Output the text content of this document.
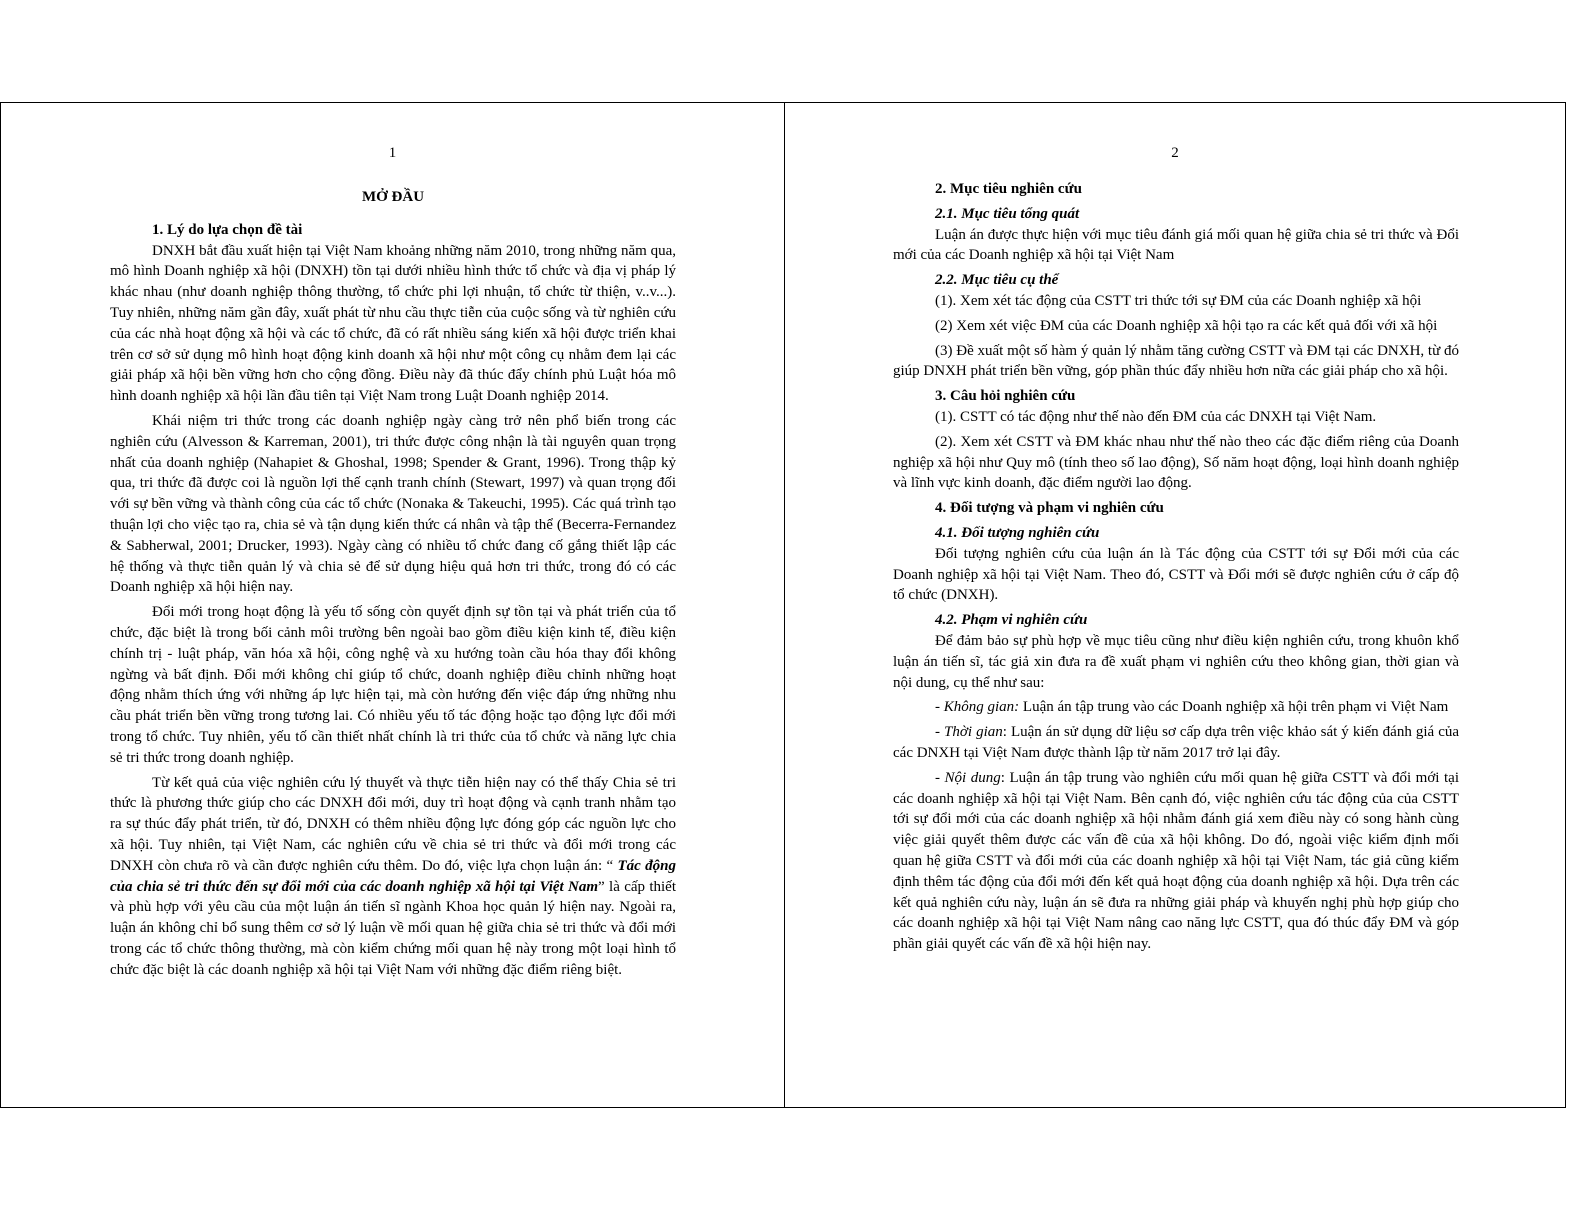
1
MỞ ĐẦU
1. Lý do lựa chọn đề tài

DNXH bắt đầu xuất hiện tại Việt Nam khoảng những năm 2010, trong những năm qua, mô hình Doanh nghiệp xã hội (DNXH) tồn tại dưới nhiều hình thức tổ chức và địa vị pháp lý khác nhau (như doanh nghiệp thông thường, tổ chức phi lợi nhuận, tổ chức từ thiện, v..v...). Tuy nhiên, những năm gần đây, xuất phát từ nhu cầu thực tiễn của cuộc sống và từ nghiên cứu của các nhà hoạt động xã hội và các tổ chức, đã có rất nhiều sáng kiến xã hội được triển khai trên cơ sở sử dụng mô hình hoạt động kinh doanh xã hội như một công cụ nhằm đem lại các giải pháp xã hội bền vững hơn cho cộng đồng. Điều này đã thúc đẩy chính phủ Luật hóa mô hình doanh nghiệp xã hội lần đầu tiên tại Việt Nam trong Luật Doanh nghiệp 2014.

Khái niệm tri thức trong các doanh nghiệp ngày càng trở nên phổ biến trong các nghiên cứu (Alvesson & Karreman, 2001), tri thức được công nhận là tài nguyên quan trọng nhất của doanh nghiệp (Nahapiet & Ghoshal, 1998; Spender & Grant, 1996). Trong thập kỷ qua, tri thức đã được coi là nguồn lợi thế cạnh tranh chính (Stewart, 1997) và quan trọng đối với sự bền vững và thành công của các tổ chức (Nonaka & Takeuchi, 1995). Các quá trình tạo thuận lợi cho việc tạo ra, chia sẻ và tận dụng kiến thức cá nhân và tập thể (Becerra-Fernandez & Sabherwal, 2001; Drucker, 1993). Ngày càng có nhiều tổ chức đang cố gắng thiết lập các hệ thống và thực tiễn quản lý và chia sẻ để sử dụng hiệu quả hơn tri thức, trong đó có các Doanh nghiệp xã hội hiện nay.

Đổi mới trong hoạt động là yếu tố sống còn quyết định sự tồn tại và phát triển của tổ chức, đặc biệt là trong bối cảnh môi trường bên ngoài bao gồm điều kiện kinh tế, điều kiện chính trị - luật pháp, văn hóa xã hội, công nghệ và xu hướng toàn cầu hóa thay đổi không ngừng và bất định. Đổi mới không chỉ giúp tổ chức, doanh nghiệp điều chỉnh những hoạt động nhằm thích ứng với những áp lực hiện tại, mà còn hướng đến việc đáp ứng những nhu cầu phát triển bền vững trong tương lai. Có nhiều yếu tố tác động hoặc tạo động lực đổi mới trong tổ chức. Tuy nhiên, yếu tố cần thiết nhất chính là tri thức của tổ chức và năng lực chia sẻ tri thức trong doanh nghiệp.

Từ kết quả của việc nghiên cứu lý thuyết và thực tiễn hiện nay có thể thấy Chia sẻ tri thức là phương thức giúp cho các DNXH đổi mới, duy trì hoạt động và cạnh tranh nhằm tạo ra sự thúc đẩy phát triển, từ đó, DNXH có thêm nhiều động lực đóng góp các nguồn lực cho xã hội. Tuy nhiên, tại Việt Nam, các nghiên cứu về chia sẻ tri thức và đổi mới trong các DNXH còn chưa rõ và cần được nghiên cứu thêm. Do đó, việc lựa chọn luận án: “ Tác động của chia sẻ tri thức đến sự đổi mới của các doanh nghiệp xã hội tại Việt Nam” là cấp thiết và phù hợp với yêu cầu của một luận án tiến sĩ ngành Khoa học quản lý hiện nay. Ngoài ra, luận án không chỉ bổ sung thêm cơ sở lý luận về mối quan hệ giữa chia sẻ tri thức và đổi mới trong các tổ chức thông thường, mà còn kiểm chứng mối quan hệ này trong một loại hình tổ chức đặc biệt là các doanh nghiệp xã hội tại Việt Nam với những đặc điểm riêng biệt.

2
2. Mục tiêu nghiên cứu
2.1. Mục tiêu tổng quát

Luận án được thực hiện với mục tiêu đánh giá mối quan hệ giữa chia sẻ tri thức và Đổi mới của các Doanh nghiệp xã hội tại Việt Nam

2.2. Mục tiêu cụ thể

(1). Xem xét tác động của CSTT tri thức tới sự ĐM của các Doanh nghiệp xã hội

(2) Xem xét việc ĐM của các Doanh nghiệp xã hội tạo ra các kết quả đối với xã hội

(3) Đề xuất một số hàm ý quản lý nhằm tăng cường CSTT và ĐM tại các DNXH, từ đó giúp DNXH phát triển bền vững, góp phần thúc đẩy nhiều hơn nữa các giải pháp cho xã hội.

3. Câu hỏi nghiên cứu

(1). CSTT có tác động như thế nào đến ĐM của các DNXH tại Việt Nam.

(2). Xem xét CSTT và ĐM khác nhau như thế nào theo các đặc điểm riêng của Doanh nghiệp xã hội như Quy mô (tính theo số lao động), Số năm hoạt động, loại hình doanh nghiệp và lĩnh vực kinh doanh, đặc điểm người lao động.

4. Đối tượng và phạm vi nghiên cứu
4.1. Đối tượng nghiên cứu

Đối tượng nghiên cứu của luận án là Tác động của CSTT tới sự Đổi mới của các Doanh nghiệp xã hội tại Việt Nam. Theo đó, CSTT và Đổi mới sẽ được nghiên cứu ở cấp độ tổ chức (DNXH).

4.2. Phạm vi nghiên cứu

Để đảm bảo sự phù hợp về mục tiêu cũng như điều kiện nghiên cứu, trong khuôn khổ luận án tiến sĩ, tác giả xin đưa ra đề xuất phạm vi nghiên cứu theo không gian, thời gian và nội dung, cụ thể như sau:

- Không gian: Luận án tập trung vào các Doanh nghiệp xã hội trên phạm vi Việt Nam

- Thời gian: Luận án sử dụng dữ liệu sơ cấp dựa trên việc khảo sát ý kiến đánh giá của các DNXH tại Việt Nam được thành lập từ năm 2017 trở lại đây.

- Nội dung: Luận án tập trung vào nghiên cứu mối quan hệ giữa CSTT và đổi mới tại các doanh nghiệp xã hội tại Việt Nam. Bên cạnh đó, việc nghiên cứu tác động của của CSTT tới sự đổi mới của các doanh nghiệp xã hội nhằm đánh giá xem điều này có song hành cùng việc giải quyết thêm được các vấn đề của xã hội không. Do đó, ngoài việc kiểm định mối quan hệ giữa CSTT và đổi mới của các doanh nghiệp xã hội tại Việt Nam, tác giả cũng kiểm định thêm tác động của đổi mới đến kết quả hoạt động của doanh nghiệp xã hội. Dựa trên các kết quả nghiên cứu này, luận án sẽ đưa ra những giải pháp và khuyến nghị phù hợp giúp cho các doanh nghiệp xã hội tại Việt Nam nâng cao năng lực CSTT, qua đó thúc đẩy ĐM và góp phần giải quyết các vấn đề xã hội hiện nay.
